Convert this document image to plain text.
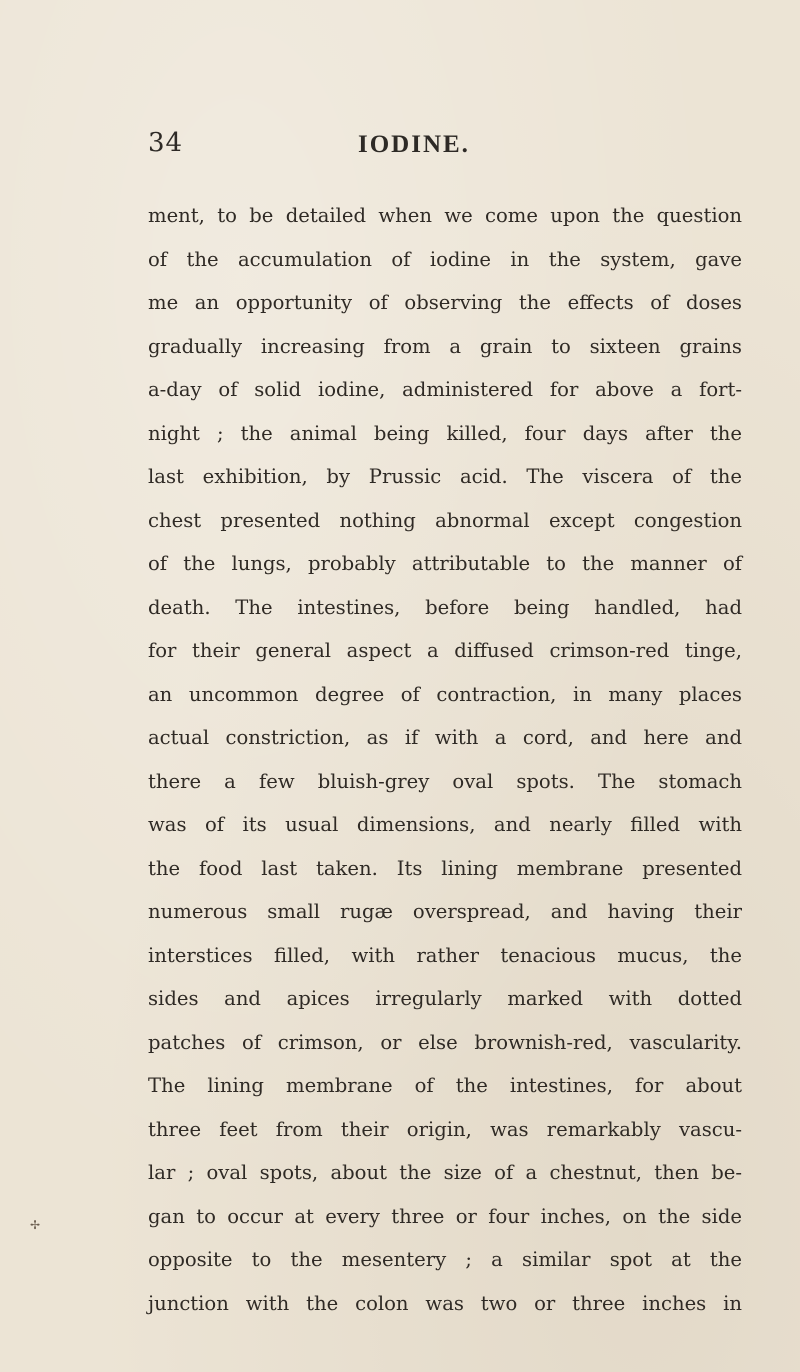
34	IODINE.
ment, to be detailed when we come upon the question
of the accumulation of iodine in the system, gave
me an opportunity of observing the effects of doses
gradually increasing from a grain to sixteen grains
a-day of solid iodine, administered for above a fort-
night ; the animal being killed, four days after the
last exhibition, by Prussic acid. The viscera of the
chest presented nothing abnormal except congestion
of the lungs, probably attributable to the manner of
death. The intestines, before being handled, had
for their general aspect a diffused crimson-red tinge,
an uncommon degree of contraction, in many places
actual constriction, as if with a cord, and here and
there a few bluish-grey oval spots. The stomach
was of its usual dimensions, and nearly filled with
the food last taken. Its lining membrane presented
numerous small rugæ overspread, and having their
interstices filled, with rather tenacious mucus, the
sides and apices irregularly marked with dotted
patches of crimson, or else brownish-red, vascularity.
The lining membrane of the intestines, for about
three feet from their origin, was remarkably vascu-
lar ; oval spots, about the size of a chestnut, then be-
gan to occur at every three or four inches, on the side
opposite to the mesentery ; a similar spot at the
junction with the colon was two or three inches in
✢
